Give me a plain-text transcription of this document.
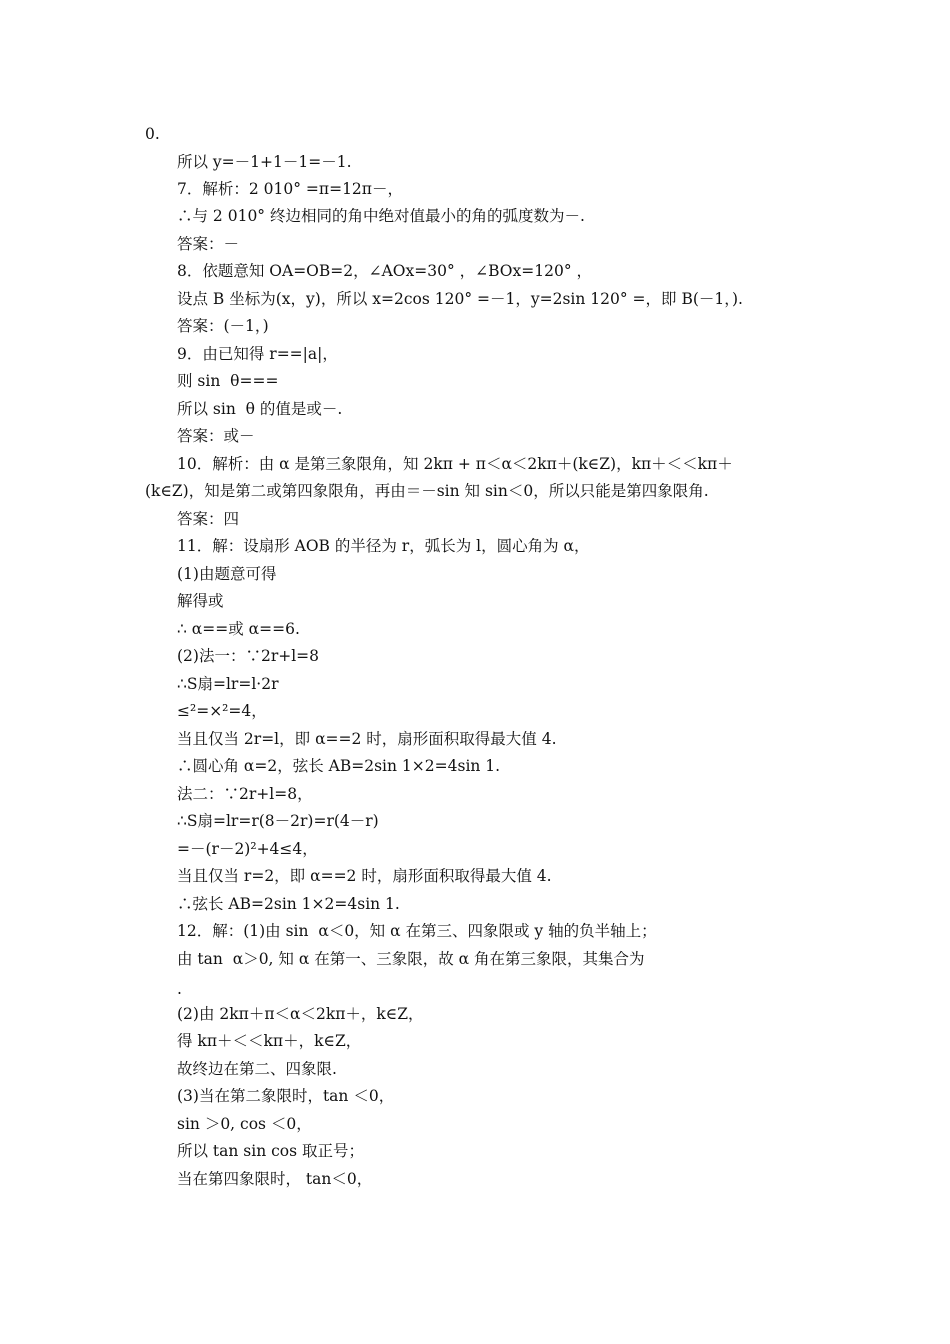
0.
所以 y=－1+1－1=－1.
7．解析：2 010° =π=12π－，
∴与 2 010° 终边相同的角中绝对值最小的角的弧度数为－.
答案：－
8．依题意知 OA=OB=2，∠AOx=30° ，∠BOx=120° ，
设点 B 坐标为(x，y)，所以 x=2cos 120° =－1，y=2sin 120° =，即 B(－1，).
答案：(－1，)
9．由已知得 r==|a|，
则 sin  θ===
所以 sin  θ 的值是或－.
答案：或－
10．解析：由 α 是第三象限角，知 2kπ + π＜α＜2kπ＋(k∈Z)，kπ＋＜＜kπ＋
(k∈Z)，知是第二或第四象限角，再由＝－sin 知 sin＜0，所以只能是第四象限角.
答案：四
11．解：设扇形 AOB 的半径为 r，弧长为 l，圆心角为 α，
(1)由题意可得
解得或
∴ α==或 α==6.
(2)法一：∵2r+l=8
∴S扇=lr=l·2r
≤²=×²=4，
当且仅当 2r=l，即 α==2 时，扇形面积取得最大值 4.
∴圆心角 α=2，弦长 AB=2sin 1×2=4sin 1.
法二：∵2r+l=8，
∴S扇=lr=r(8－2r)=r(4－r)
=－(r－2)²+4≤4，
当且仅当 r=2，即 α==2 时，扇形面积取得最大值 4.
∴弦长 AB=2sin 1×2=4sin 1.
12．解：(1)由 sin  α＜0，知 α 在第三、四象限或 y 轴的负半轴上；
由 tan  α＞0, 知 α 在第一、三象限，故 α 角在第三象限，其集合为
.
(2)由 2kπ＋π＜α＜2kπ＋，k∈Z，
得 kπ＋＜＜kπ＋，k∈Z，
故终边在第二、四象限.
(3)当在第二象限时，tan ＜0，
sin ＞0, cos ＜0，
所以 tan sin cos 取正号；
当在第四象限时， tan＜0，
